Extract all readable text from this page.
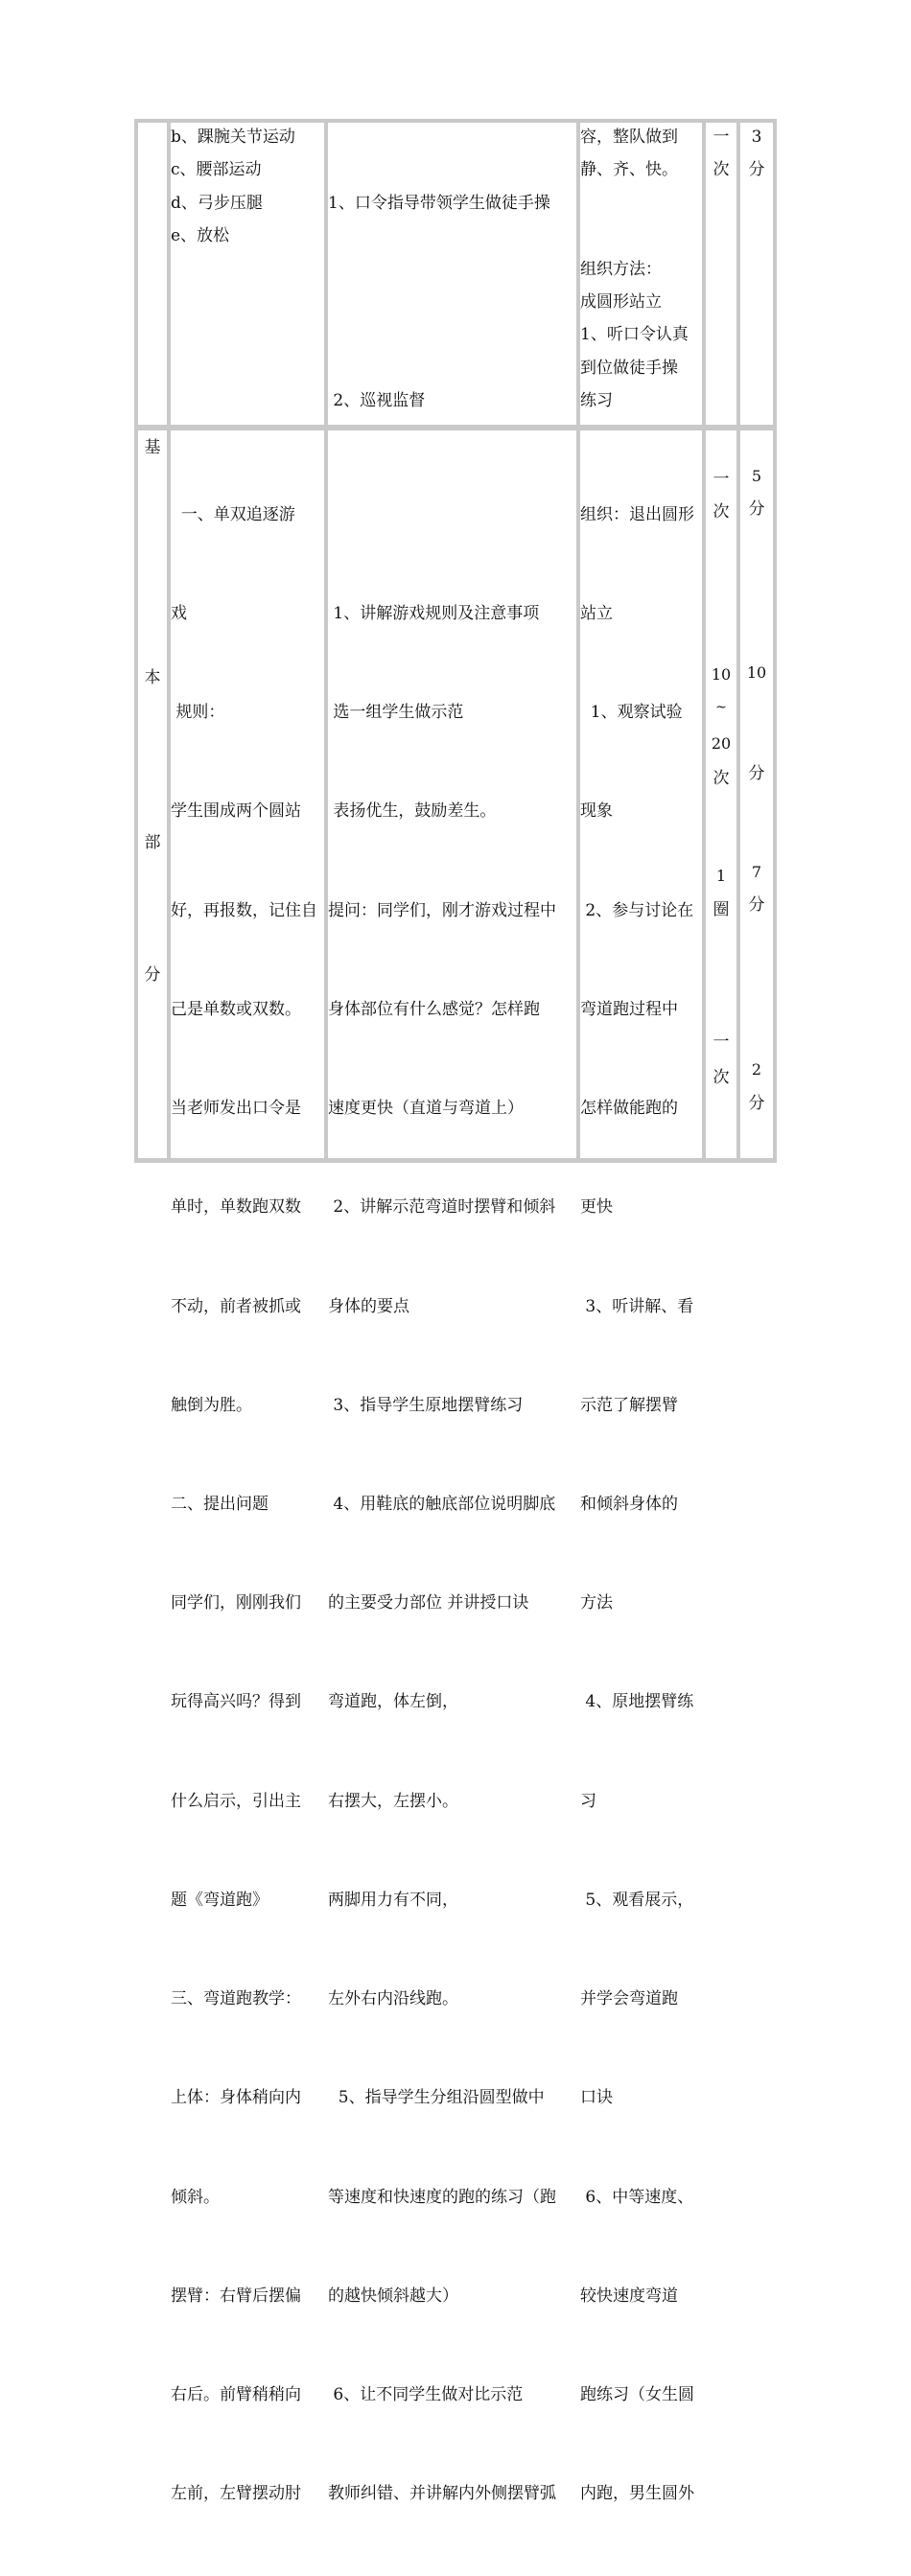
b、踝腕关节运动
c、腰部运动
d、弓步压腿
e、放松

1、口令指导带领学生做徒手操

2、巡视监督

容，整队做到
静、齐、快。

组织方法：
成圆形站立
1、听口令认真
到位做徒手操
练习
一
次
3
分
基
本
部
分

一、单双追逐游

戏

规则：

学生围成两个圆站

好，再报数，记住自

己是单数或双数。

当老师发出口令是

单时，单数跑双数

不动，前者被抓或

触倒为胜。

二、提出问题

同学们，刚刚我们

玩得高兴吗？得到

什么启示，引出主

题《弯道跑》

三、弯道跑教学：

上体：身体稍向内

倾斜。

摆臂：右臂后摆偏

右后。前臂稍稍向

左前，左臂摆动肘

1、讲解游戏规则及注意事项

选一组学生做示范

表扬优生，鼓励差生。

提问：同学们，刚才游戏过程中

身体部位有什么感觉？怎样跑

速度更快（直道与弯道上）

2、讲解示范弯道时摆臂和倾斜

身体的要点

3、指导学生原地摆臂练习

4、用鞋底的触底部位说明脚底

的主要受力部位 并讲授口诀

弯道跑，体左倒，

右摆大，左摆小。

两脚用力有不同，

左外右内沿线跑。

5、指导学生分组沿圆型做中

等速度和快速度的跑的练习（跑

的越快倾斜越大）

6、让不同学生做对比示范

教师纠错、并讲解内外侧摆臂弧

组织：退出圆形

站立

1、观察试验

现象

2、参与讨论在

弯道跑过程中

怎样做能跑的

更快

3、听讲解、看

示范了解摆臂

和倾斜身体的

方法

4、原地摆臂练

习

5、观看展示，

并学会弯道跑

口诀

6、中等速度、

较快速度弯道

跑练习（女生圆

内跑，男生圆外

一
次
10
~
20
次
1
圈
一
次
5
分
10
分
7
分
2
分
